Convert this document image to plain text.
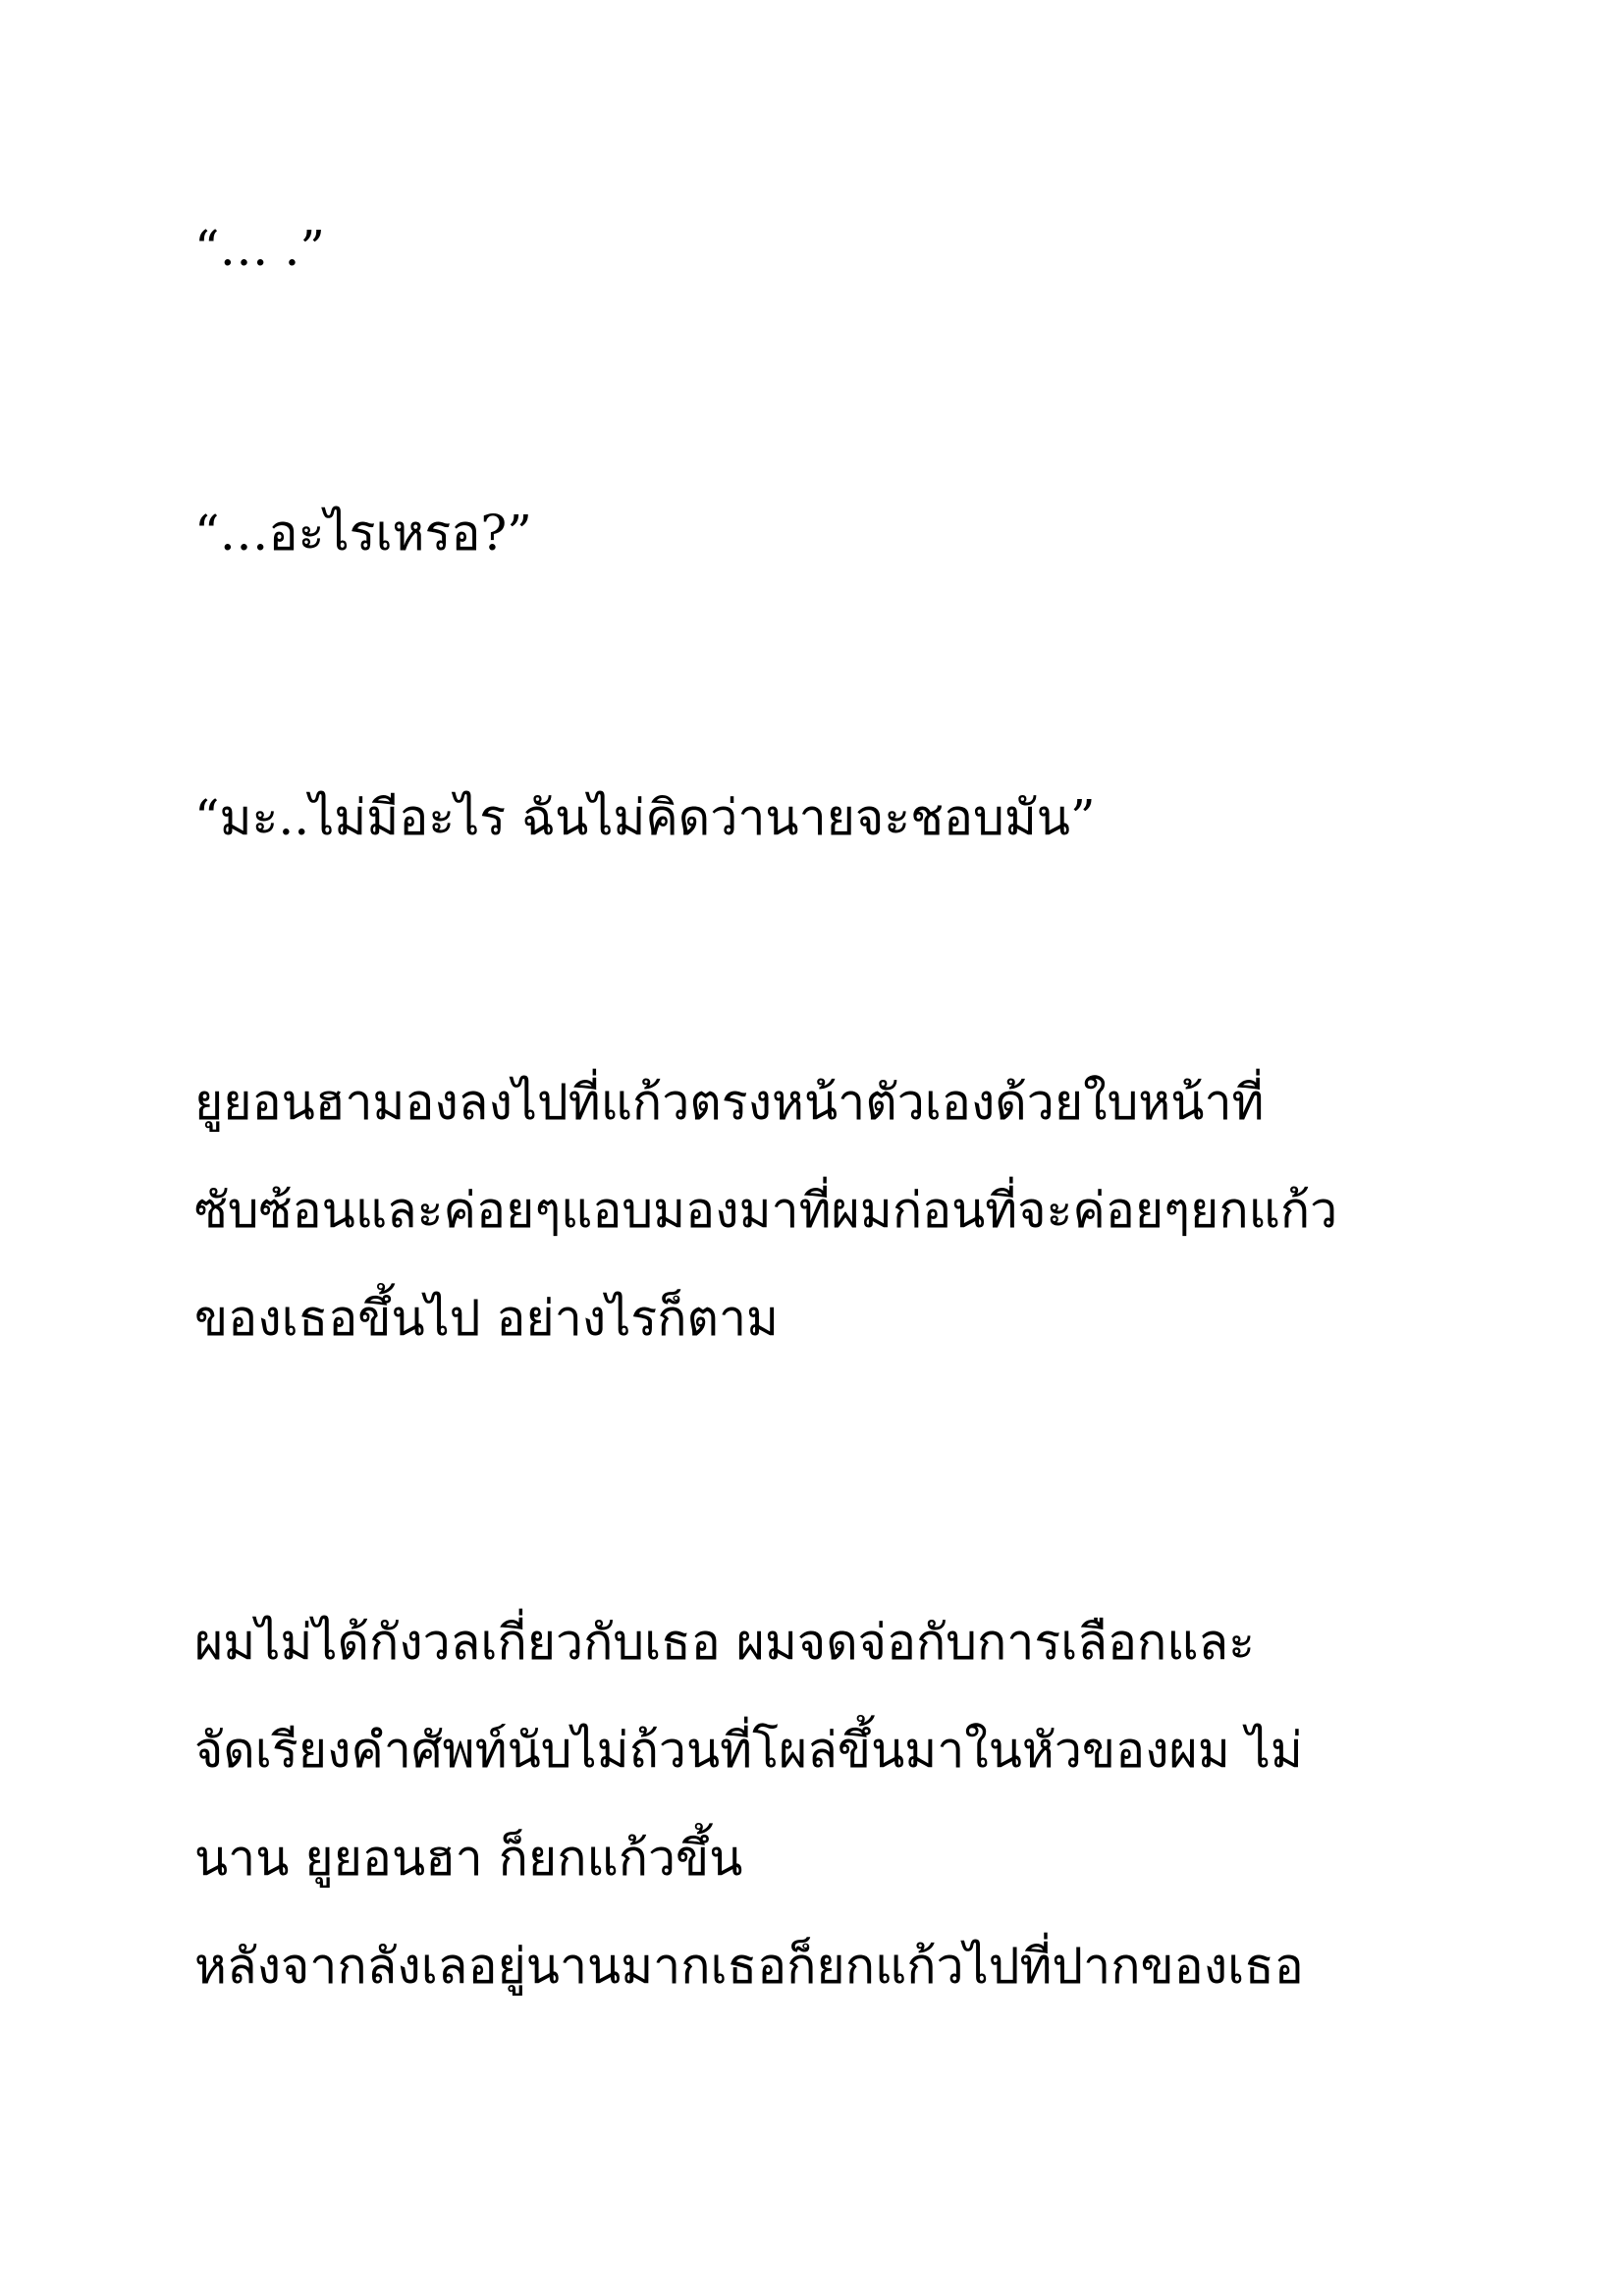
“… .”

“…อะไรเหรอ?”

“มะ..ไม่มีอะไร ฉันไม่คิดว่านายจะชอบมัน”

ยูยอนฮามองลงไปที่แก้วตรงหน้าตัวเองด้วยใบหน้าที่

ซับซ้อนและค่อยๆแอบมองมาที่ผมก่อนที่จะค่อยๆยกแก้ว

ของเธอขึ้นไป อย่างไรก็ตาม

ผมไม่ได้กังวลเกี่ยวกับเธอ ผมจดจ่อกับการเลือกและ

จัดเรียงคำศัพท์นับไม่ถ้วนที่โผล่ขึ้นมาในหัวของผม ไม่

นาน ยูยอนฮา ก็ยกแก้วขึ้น

หลังจากลังเลอยู่นานมากเธอก็ยกแก้วไปที่ปากของเธอ
